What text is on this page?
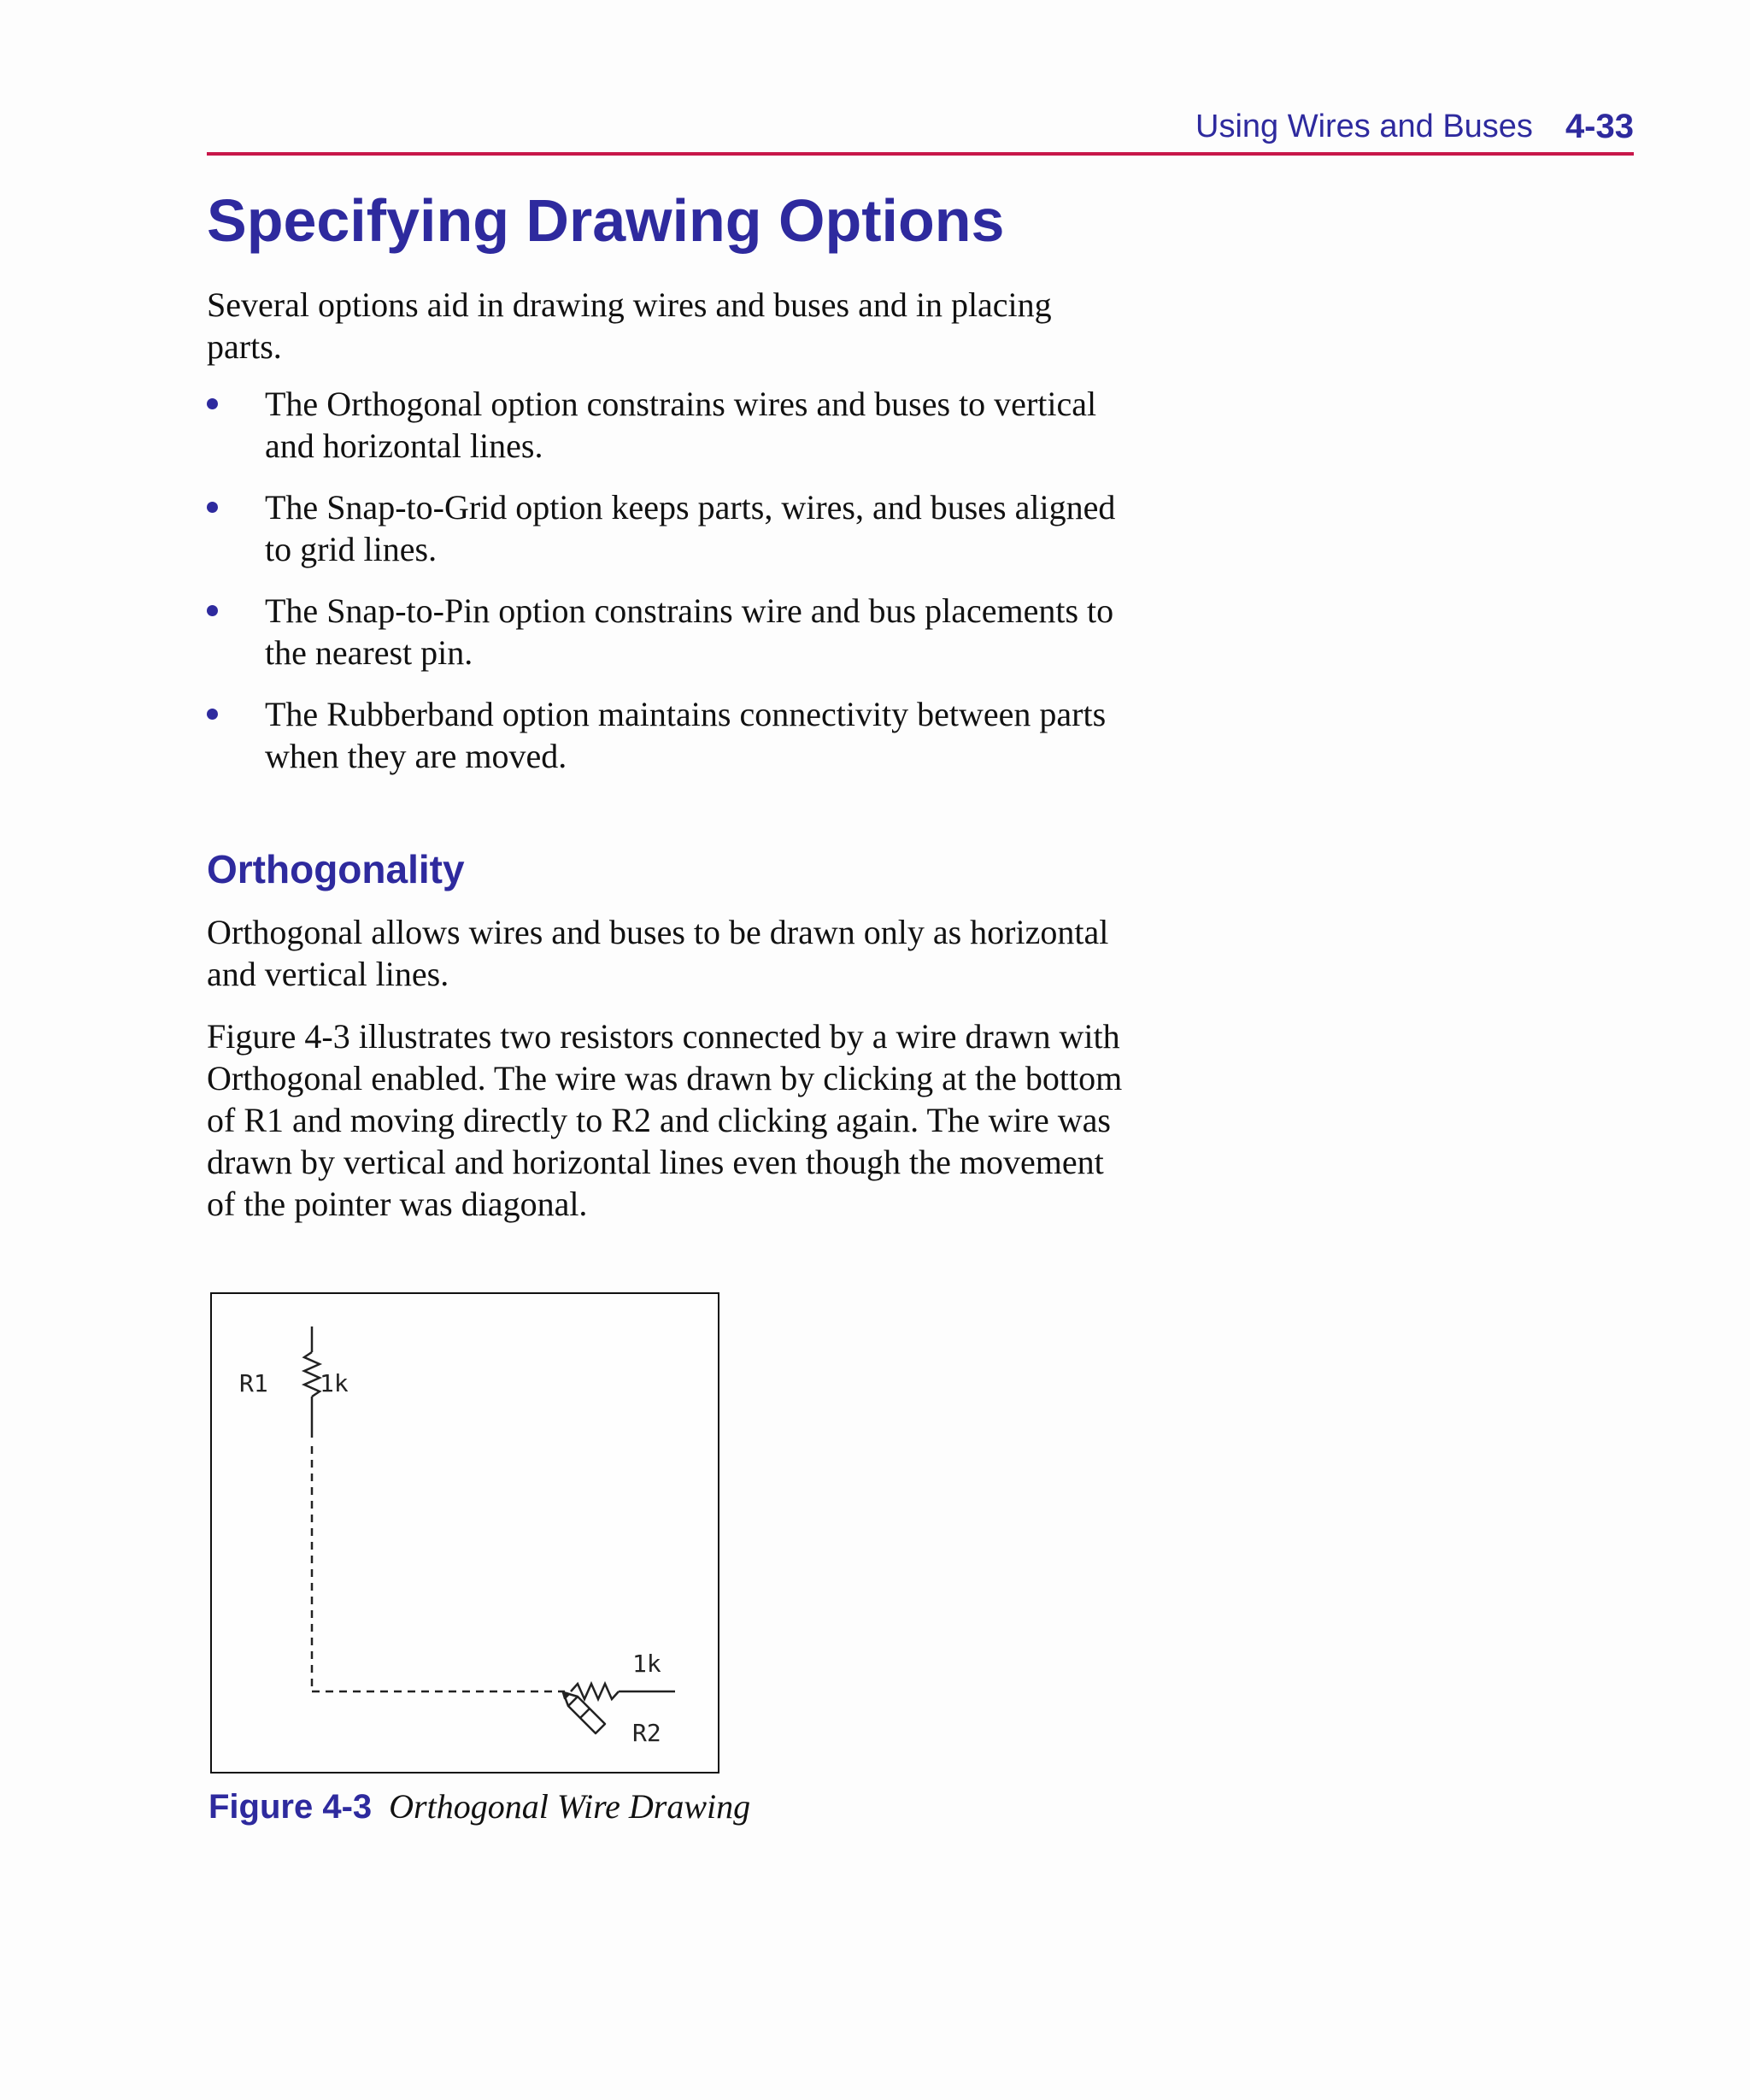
Using Wires and Buses 4-33
Specifying Drawing Options

Several options aid in drawing wires and buses and in placing parts.

The Orthogonal option constrains wires and buses to vertical and horizontal lines.
The Snap-to-Grid option keeps parts, wires, and buses aligned to grid lines.
The Snap-to-Pin option constrains wire and bus placements to the nearest pin.
The Rubberband option maintains connectivity between parts when they are moved.
Orthogonality

Orthogonal allows wires and buses to be drawn only as horizontal and vertical lines.

Figure 4-3 illustrates two resistors connected by a wire drawn with Orthogonal enabled. The wire was drawn by clicking at the bottom of R1 and moving directly to R2 and clicking again. The wire was drawn by vertical and horizontal lines even though the movement of the pointer was diagonal.

R1 1k
1k
R2
Figure 4-3 Orthogonal Wire Drawing
